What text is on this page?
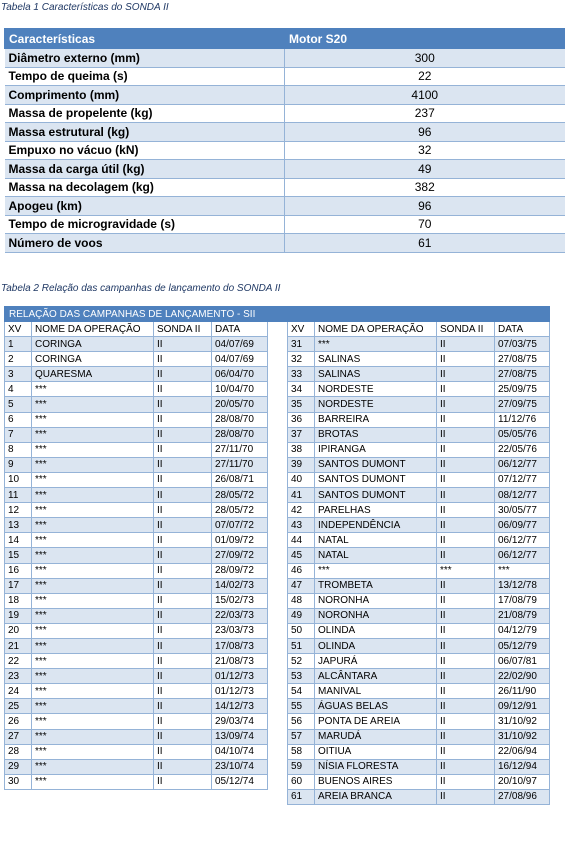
Tabela 1 Características do SONDA II
Características	Motor S20
Diâmetro externo (mm)	300
Tempo de queima (s)	22
Comprimento (mm)	4100
Massa de propelente (kg)	237
Massa estrutural (kg)	96
Empuxo no vácuo (kN)	32
Massa da carga útil (kg)	49
Massa na decolagem (kg)	382
Apogeu (km)	96
Tempo de microgravidade (s)	70
Número de voos	61
Tabela 2 Relação das campanhas de lançamento do SONDA II
RELAÇÃO DAS CAMPANHAS DE LANÇAMENTO - SII								
XV	NOME DA OPERAÇÃO	SONDA II	DATA		XV	NOME DA OPERAÇÃO	SONDA II	DATA
1	CORINGA	II	04/07/69		31	***	II	07/03/75
2	CORINGA	II	04/07/69		32	SALINAS	II	27/08/75
3	QUARESMA	II	06/04/70		33	SALINAS	II	27/08/75
4	***	II	10/04/70		34	NORDESTE	II	25/09/75
5	***	II	20/05/70		35	NORDESTE	II	27/09/75
6	***	II	28/08/70		36	BARREIRA	II	11/12/76
7	***	II	28/08/70		37	BROTAS	II	05/05/76
8	***	II	27/11/70		38	IPIRANGA	II	22/05/76
9	***	II	27/11/70		39	SANTOS DUMONT	II	06/12/77
10	***	II	26/08/71		40	SANTOS DUMONT	II	07/12/77
11	***	II	28/05/72		41	SANTOS DUMONT	II	08/12/77
12	***	II	28/05/72		42	PARELHAS	II	30/05/77
13	***	II	07/07/72		43	INDEPENDÊNCIA	II	06/09/77
14	***	II	01/09/72		44	NATAL	II	06/12/77
15	***	II	27/09/72		45	NATAL	II	06/12/77
16	***	II	28/09/72		46	***	***	***
17	***	II	14/02/73		47	TROMBETA	II	13/12/78
18	***	II	15/02/73		48	NORONHA	II	17/08/79
19	***	II	22/03/73		49	NORONHA	II	21/08/79
20	***	II	23/03/73		50	OLINDA	II	04/12/79
21	***	II	17/08/73		51	OLINDA	II	05/12/79
22	***	II	21/08/73		52	JAPURÁ	II	06/07/81
23	***	II	01/12/73		53	ALCÂNTARA	II	22/02/90
24	***	II	01/12/73		54	MANIVAL	II	26/11/90
25	***	II	14/12/73		55	ÁGUAS BELAS	II	09/12/91
26	***	II	29/03/74		56	PONTA DE AREIA	II	31/10/92
27	***	II	13/09/74		57	MARUDÁ	II	31/10/92
28	***	II	04/10/74		58	OITIUA	II	22/06/94
29	***	II	23/10/74		59	NÍSIA FLORESTA	II	16/12/94
30	***	II	05/12/74		60	BUENOS AIRES	II	20/10/97
					61	AREIA BRANCA	II	27/08/96
